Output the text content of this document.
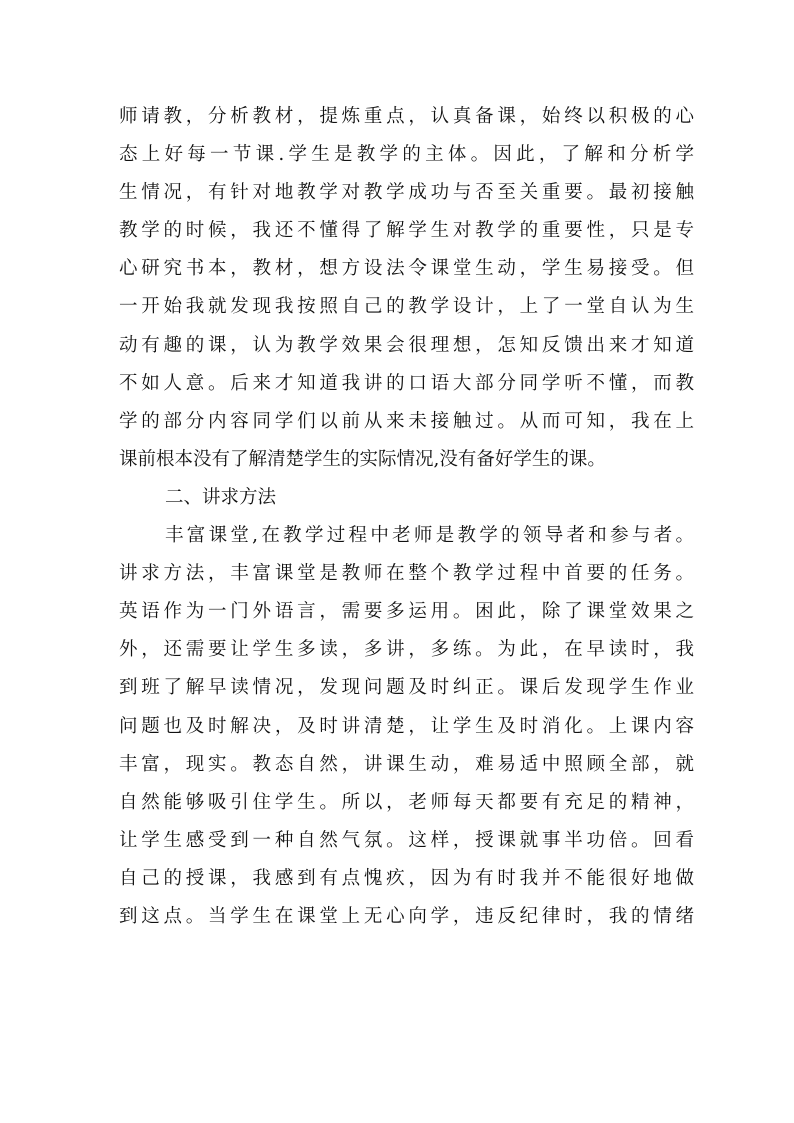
师请教，分析教材，提炼重点，认真备课，始终以积极的心
态上好每一节课.学生是教学的主体。因此，了解和分析学
生情况，有针对地教学对教学成功与否至关重要。最初接触
教学的时候，我还不懂得了解学生对教学的重要性，只是专
心研究书本，教材，想方设法令课堂生动，学生易接受。但
一开始我就发现我按照自己的教学设计，上了一堂自认为生
动有趣的课，认为教学效果会很理想，怎知反馈出来才知道
不如人意。后来才知道我讲的口语大部分同学听不懂，而教
学的部分内容同学们以前从来未接触过。从而可知，我在上
课前根本没有了解清楚学生的实际情况,没有备好学生的课。
二、讲求方法
丰富课堂,在教学过程中老师是教学的领导者和参与者。
讲求方法，丰富课堂是教师在整个教学过程中首要的任务。
英语作为一门外语言，需要多运用。困此，除了课堂效果之
外，还需要让学生多读，多讲，多练。为此，在早读时，我
到班了解早读情况，发现问题及时纠正。课后发现学生作业
问题也及时解决，及时讲清楚，让学生及时消化。上课内容
丰富，现实。教态自然，讲课生动，难易适中照顾全部，就
自然能够吸引住学生。所以，老师每天都要有充足的精神，
让学生感受到一种自然气氛。这样，授课就事半功倍。回看
自己的授课，我感到有点愧疚，因为有时我并不能很好地做
到这点。当学生在课堂上无心向学，违反纪律时，我的情绪
